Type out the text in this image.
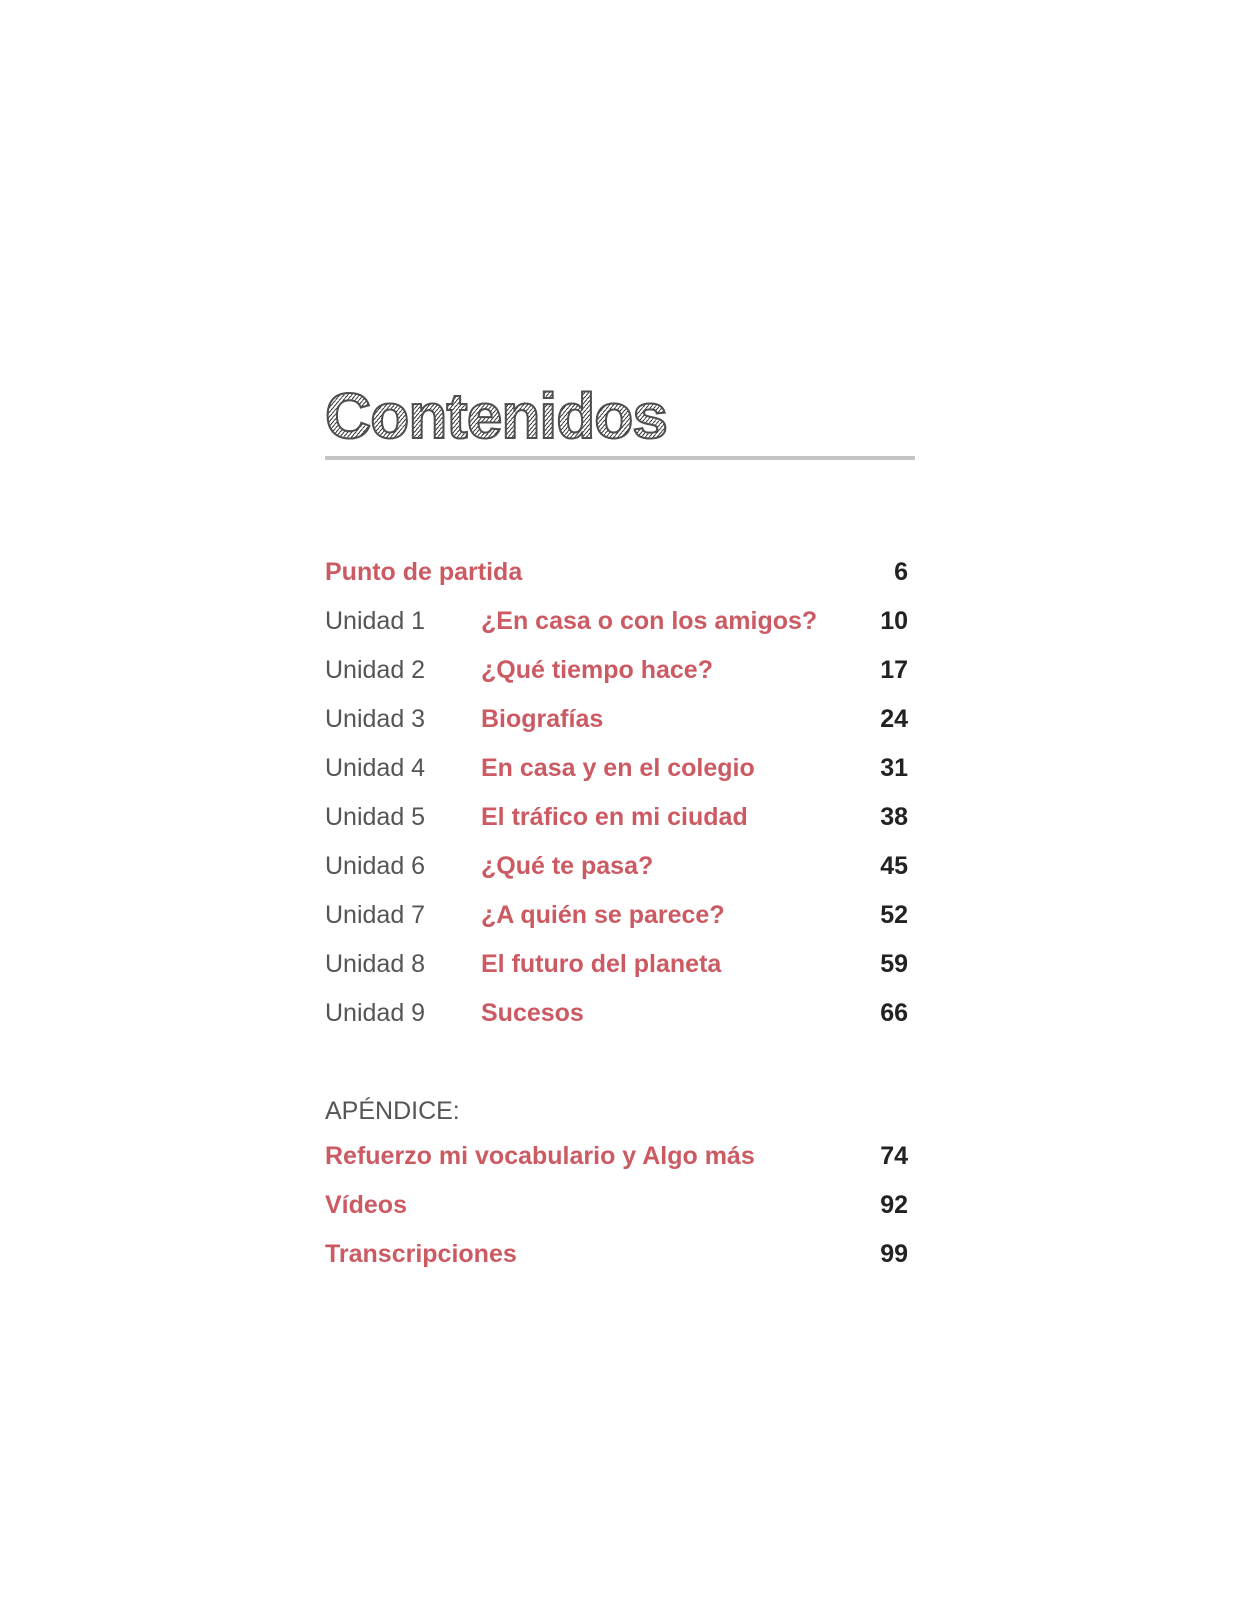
Contenidos
Punto de partida	6
Unidad 1 ¿En casa o con los amigos?	10
Unidad 2 ¿Qué tiempo hace?	17
Unidad 3 Biografías	24
Unidad 4 En casa y en el colegio	31
Unidad 5 El tráfico en mi ciudad	38
Unidad 6 ¿Qué te pasa?	45
Unidad 7 ¿A quién se parece?	52
Unidad 8 El futuro del planeta	59
Unidad 9 Sucesos	66
APÉNDICE:
Refuerzo mi vocabulario y Algo más	74
Vídeos	92
Transcripciones	99
